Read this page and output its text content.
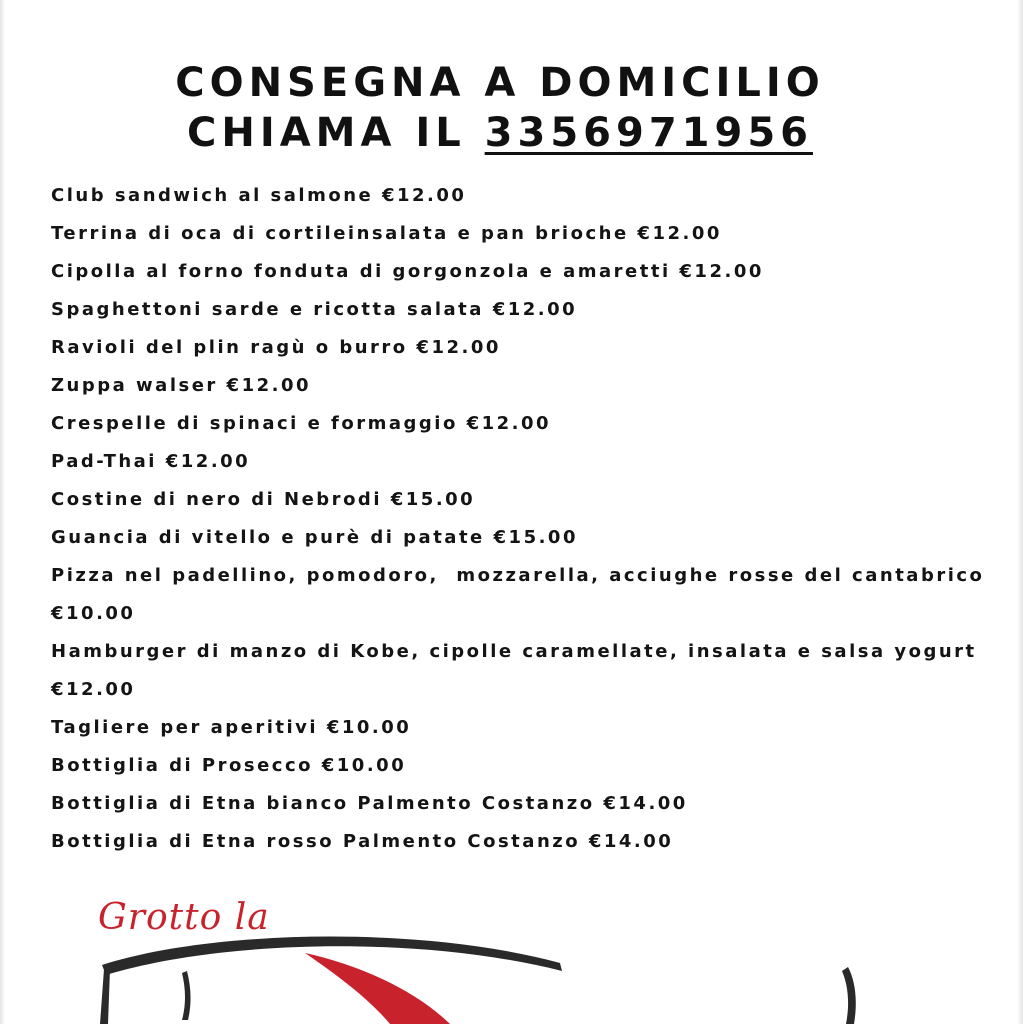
CONSEGNA A DOMICILIO
CHIAMA IL 3356971956
Club sandwich al salmone €12.00
Terrina di oca di cortileinsalata e pan brioche €12.00
Cipolla al forno fonduta di gorgonzola e amaretti €12.00
Spaghettoni sarde e ricotta salata €12.00
Ravioli del plin ragù o burro €12.00
Zuppa walser €12.00
Crespelle di spinaci e formaggio €12.00
Pad-Thai €12.00
Costine di nero di Nebrodi €15.00
Guancia di vitello e purè di patate €15.00
Pizza nel padellino, pomodoro,  mozzarella, acciughe rosse del cantabrico €10.00
Hamburger di manzo di Kobe, cipolle caramellate, insalata e salsa yogurt €12.00
Tagliere per aperitivi €10.00
Bottiglia di Prosecco €10.00
Bottiglia di Etna bianco Palmento Costanzo €14.00
Bottiglia di Etna rosso Palmento Costanzo €14.00
Grotto la
